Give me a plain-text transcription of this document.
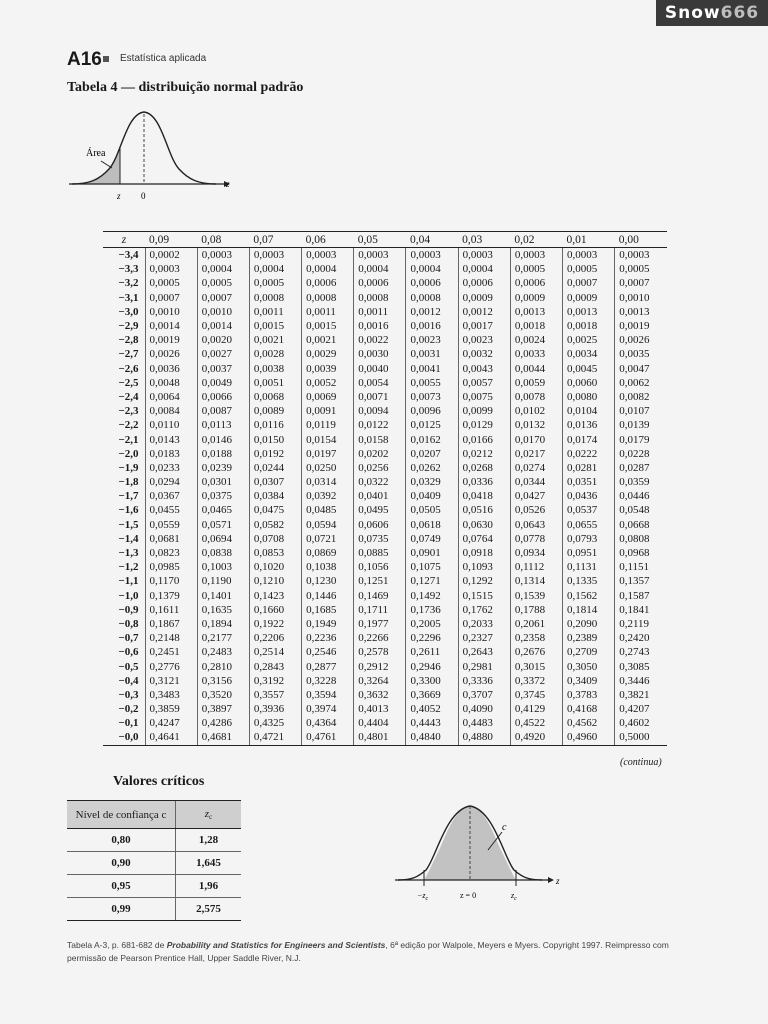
Snow 666
A16 Estatística aplicada
Tabela 4 — distribuição normal padrão
Área
z 0
z
z	0,09	0,08	0,07	0,06	0,05	0,04	0,03	0,02	0,01	0,00
−3,4	0,0002	0,0003	0,0003	0,0003	0,0003	0,0003	0,0003	0,0003	0,0003	0,0003
−3,3	0,0003	0,0004	0,0004	0,0004	0,0004	0,0004	0,0004	0,0005	0,0005	0,0005
−3,2	0,0005	0,0005	0,0005	0,0006	0,0006	0,0006	0,0006	0,0006	0,0007	0,0007
−3,1	0,0007	0,0007	0,0008	0,0008	0,0008	0,0008	0,0009	0,0009	0,0009	0,0010
−3,0	0,0010	0,0010	0,0011	0,0011	0,0011	0,0012	0,0012	0,0013	0,0013	0,0013
−2,9	0,0014	0,0014	0,0015	0,0015	0,0016	0,0016	0,0017	0,0018	0,0018	0,0019
−2,8	0,0019	0,0020	0,0021	0,0021	0,0022	0,0023	0,0023	0,0024	0,0025	0,0026
−2,7	0,0026	0,0027	0,0028	0,0029	0,0030	0,0031	0,0032	0,0033	0,0034	0,0035
−2,6	0,0036	0,0037	0,0038	0,0039	0,0040	0,0041	0,0043	0,0044	0,0045	0,0047
−2,5	0,0048	0,0049	0,0051	0,0052	0,0054	0,0055	0,0057	0,0059	0,0060	0,0062
−2,4	0,0064	0,0066	0,0068	0,0069	0,0071	0,0073	0,0075	0,0078	0,0080	0,0082
−2,3	0,0084	0,0087	0,0089	0,0091	0,0094	0,0096	0,0099	0,0102	0,0104	0,0107
−2,2	0,0110	0,0113	0,0116	0,0119	0,0122	0,0125	0,0129	0,0132	0,0136	0,0139
−2,1	0,0143	0,0146	0,0150	0,0154	0,0158	0,0162	0,0166	0,0170	0,0174	0,0179
−2,0	0,0183	0,0188	0,0192	0,0197	0,0202	0,0207	0,0212	0,0217	0,0222	0,0228
−1,9	0,0233	0,0239	0,0244	0,0250	0,0256	0,0262	0,0268	0,0274	0,0281	0,0287
−1,8	0,0294	0,0301	0,0307	0,0314	0,0322	0,0329	0,0336	0,0344	0,0351	0,0359
−1,7	0,0367	0,0375	0,0384	0,0392	0,0401	0,0409	0,0418	0,0427	0,0436	0,0446
−1,6	0,0455	0,0465	0,0475	0,0485	0,0495	0,0505	0,0516	0,0526	0,0537	0,0548
−1,5	0,0559	0,0571	0,0582	0,0594	0,0606	0,0618	0,0630	0,0643	0,0655	0,0668
−1,4	0,0681	0,0694	0,0708	0,0721	0,0735	0,0749	0,0764	0,0778	0,0793	0,0808
−1,3	0,0823	0,0838	0,0853	0,0869	0,0885	0,0901	0,0918	0,0934	0,0951	0,0968
−1,2	0,0985	0,1003	0,1020	0,1038	0,1056	0,1075	0,1093	0,1112	0,1131	0,1151
−1,1	0,1170	0,1190	0,1210	0,1230	0,1251	0,1271	0,1292	0,1314	0,1335	0,1357
−1,0	0,1379	0,1401	0,1423	0,1446	0,1469	0,1492	0,1515	0,1539	0,1562	0,1587
−0,9	0,1611	0,1635	0,1660	0,1685	0,1711	0,1736	0,1762	0,1788	0,1814	0,1841
−0,8	0,1867	0,1894	0,1922	0,1949	0,1977	0,2005	0,2033	0,2061	0,2090	0,2119
−0,7	0,2148	0,2177	0,2206	0,2236	0,2266	0,2296	0,2327	0,2358	0,2389	0,2420
−0,6	0,2451	0,2483	0,2514	0,2546	0,2578	0,2611	0,2643	0,2676	0,2709	0,2743
−0,5	0,2776	0,2810	0,2843	0,2877	0,2912	0,2946	0,2981	0,3015	0,3050	0,3085
−0,4	0,3121	0,3156	0,3192	0,3228	0,3264	0,3300	0,3336	0,3372	0,3409	0,3446
−0,3	0,3483	0,3520	0,3557	0,3594	0,3632	0,3669	0,3707	0,3745	0,3783	0,3821
−0,2	0,3859	0,3897	0,3936	0,3974	0,4013	0,4052	0,4090	0,4129	0,4168	0,4207
−0,1	0,4247	0,4286	0,4325	0,4364	0,4404	0,4443	0,4483	0,4522	0,4562	0,4602
−0,0	0,4641	0,4681	0,4721	0,4761	0,4801	0,4840	0,4880	0,4920	0,4960	0,5000
(continua)
Valores críticos
Nível de confiança c	zc
0,80	1,28
0,90	1,645
0,95	1,96
0,99	2,575
c
$-z_c$	z = 0	$z_c$
z
Tabela A-3, p. 681-682 de Probability and Statistics for Engineers and Scientists, 6ª edição por Walpole, Meyers e Myers. Copyright 1997. Reimpresso com permissão de Pearson Prentice Hall, Upper Saddle River, N.J.
